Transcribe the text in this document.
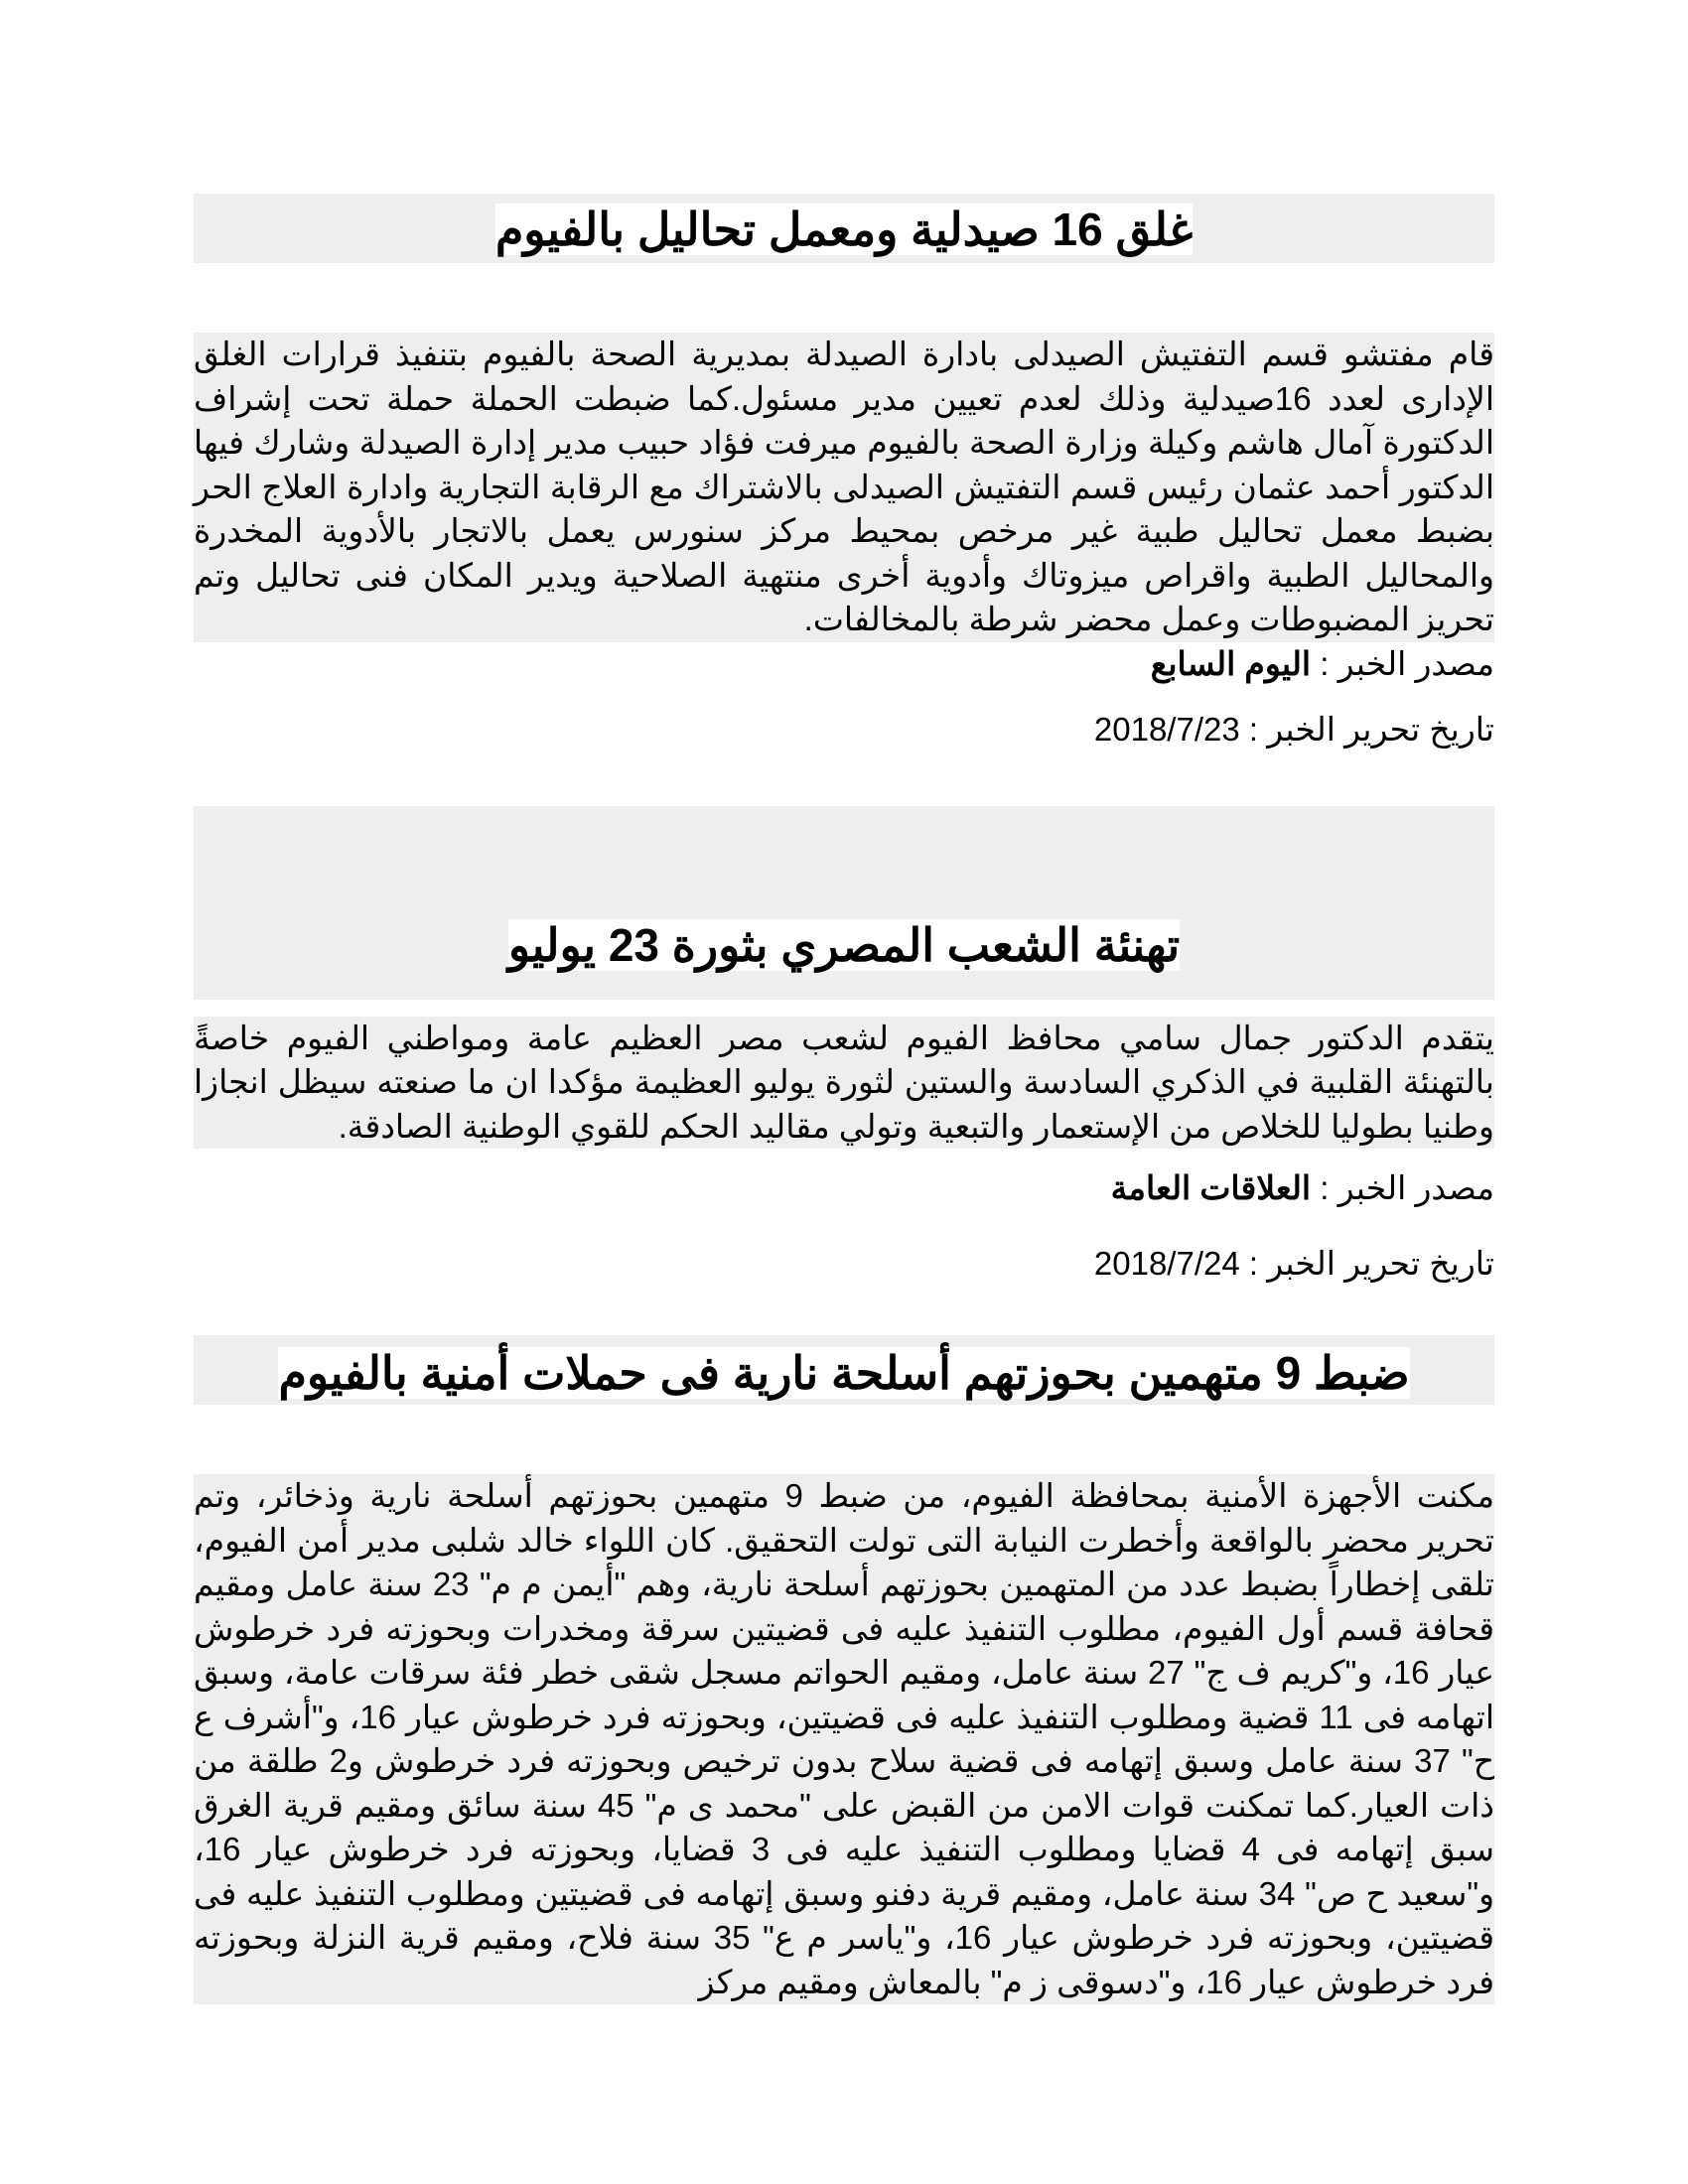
غلق 16 صيدلية ومعمل تحاليل بالفيوم

قام مفتشو قسم التفتيش الصيدلى بادارة الصيدلة بمديرية الصحة بالفيوم بتنفيذ قرارات الغلق الإدارى لعدد 16صيدلية وذلك لعدم تعيين مدير مسئول.كما ضبطت الحملة حملة تحت إشراف الدكتورة آمال هاشم وكيلة وزارة الصحة بالفيوم ميرفت فؤاد حبيب مدير إدارة الصيدلة وشارك فيها الدكتور أحمد عثمان رئيس قسم التفتيش الصيدلى بالاشتراك مع الرقابة التجارية وادارة العلاج الحر بضبط معمل تحاليل طبية غير مرخص بمحيط مركز سنورس يعمل بالاتجار بالأدوية المخدرة والمحاليل الطبية واقراص ميزوتاك وأدوية أخرى منتهية الصلاحية ويدير المكان فنى تحاليل وتم تحريز المضبوطات وعمل محضر شرطة بالمخالفات.

مصدر الخبر : اليوم السابع

تاريخ تحرير الخبر : 2018/7/23

تهنئة الشعب المصري بثورة 23 يوليو

يتقدم الدكتور جمال سامي محافظ الفيوم لشعب مصر العظيم عامة ومواطني الفيوم خاصةً بالتهنئة القلبية في الذكري السادسة والستين لثورة يوليو العظيمة مؤكدا ان ما صنعته سيظل انجازا وطنيا بطوليا للخلاص من الإستعمار والتبعية وتولي مقاليد الحكم للقوي الوطنية الصادقة.

مصدر الخبر : العلاقات العامة

تاريخ تحرير الخبر : 2018/7/24

ضبط 9 متهمين بحوزتهم أسلحة نارية فى حملات أمنية بالفيوم

مكنت الأجهزة الأمنية بمحافظة الفيوم، من ضبط 9 متهمين بحوزتهم أسلحة نارية وذخائر، وتم تحرير محضر بالواقعة وأخطرت النيابة التى تولت التحقيق. كان اللواء خالد شلبى مدير أمن الفيوم، تلقى إخطاراً بضبط عدد من المتهمين بحوزتهم أسلحة نارية، وهم "أيمن م م" 23 سنة عامل ومقيم قحافة قسم أول الفيوم، مطلوب التنفيذ عليه فى قضيتين سرقة ومخدرات وبحوزته فرد خرطوش عيار 16، و"كريم ف ج" 27 سنة عامل، ومقيم الحواتم مسجل شقى خطر فئة سرقات عامة، وسبق اتهامه فى 11 قضية ومطلوب التنفيذ عليه فى قضيتين، وبحوزته فرد خرطوش عيار 16، و"أشرف ع ح" 37 سنة عامل وسبق إتهامه فى قضية سلاح بدون ترخيص وبحوزته فرد خرطوش و2 طلقة من ذات العيار.كما تمكنت قوات الامن من القبض على "محمد ى م" 45 سنة سائق ومقيم قرية الغرق سبق إتهامه فى 4 قضايا ومطلوب التنفيذ عليه فى 3 قضايا، وبحوزته فرد خرطوش عيار 16، و"سعيد ح ص" 34 سنة عامل، ومقيم قرية دفنو وسبق إتهامه فى قضيتين ومطلوب التنفيذ عليه فى قضيتين، وبحوزته فرد خرطوش عيار 16، و"ياسر م ع" 35 سنة فلاح، ومقيم قرية النزلة وبحوزته فرد خرطوش عيار 16، و"دسوقى ز م" بالمعاش ومقيم مركز
